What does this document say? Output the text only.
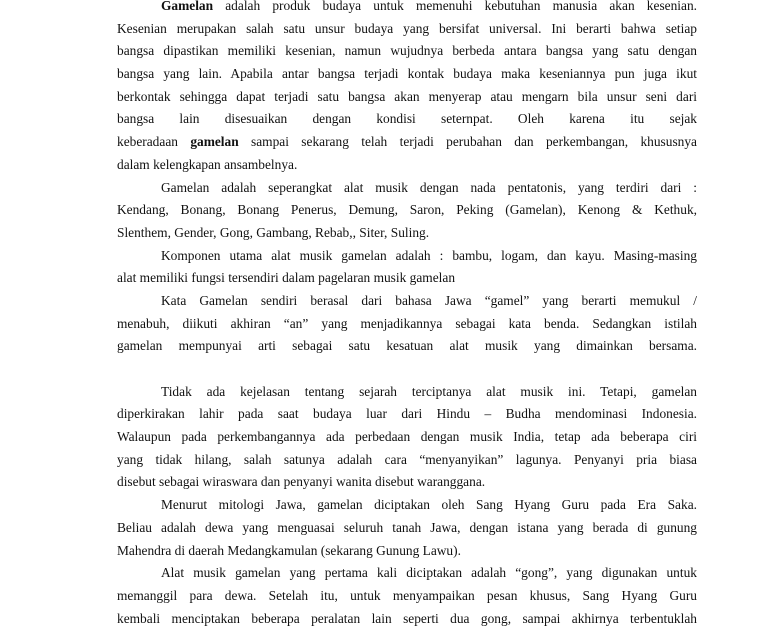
Gamelan adalah produk budaya untuk memenuhi kebutuhan manusia akan kesenian.
Kesenian merupakan salah satu unsur budaya yang bersifat universal. Ini berarti bahwa setiap
bangsa dipastikan memiliki kesenian, namun wujudnya berbeda antara bangsa yang satu dengan
bangsa yang lain. Apabila antar bangsa terjadi kontak budaya maka keseniannya pun juga ikut
berkontak sehingga dapat terjadi satu bangsa akan menyerap atau mengarn bila unsur seni dari
bangsa lain disesuaikan dengan kondisi seternpat. Oleh karena itu sejak
keberadaan gamelan sampai sekarang telah terjadi perubahan dan perkembangan, khususnya
dalam kelengkapan ansambelnya.
Gamelan adalah seperangkat alat musik dengan nada pentatonis, yang terdiri dari :
Kendang, Bonang, Bonang Penerus, Demung, Saron, Peking (Gamelan), Kenong & Kethuk,
Slenthem, Gender, Gong, Gambang, Rebab,, Siter, Suling.
Komponen utama alat musik gamelan adalah : bambu, logam, dan kayu. Masing-masing
alat memiliki fungsi tersendiri dalam pagelaran musik gamelan
Kata Gamelan sendiri berasal dari bahasa Jawa “gamel” yang berarti memukul /
menabuh, diikuti akhiran “an” yang menjadikannya sebagai kata benda. Sedangkan istilah
gamelan mempunyai arti sebagai satu kesatuan alat musik yang dimainkan bersama.
Tidak ada kejelasan tentang sejarah terciptanya alat musik ini. Tetapi, gamelan
diperkirakan lahir pada saat budaya luar dari Hindu – Budha mendominasi Indonesia.
Walaupun pada perkembangannya ada perbedaan dengan musik India, tetap ada beberapa ciri
yang tidak hilang, salah satunya adalah cara “menyanyikan” lagunya. Penyanyi pria biasa
disebut sebagai wiraswara dan penyanyi wanita disebut waranggana.
Menurut mitologi Jawa, gamelan diciptakan oleh Sang Hyang Guru pada Era Saka.
Beliau adalah dewa yang menguasai seluruh tanah Jawa, dengan istana yang berada di gunung
Mahendra di daerah Medangkamulan (sekarang Gunung Lawu).
Alat musik gamelan yang pertama kali diciptakan adalah “gong”, yang digunakan untuk
memanggil para dewa. Setelah itu, untuk menyampaikan pesan khusus, Sang Hyang Guru
kembali menciptakan beberapa peralatan lain seperti dua gong, sampai akhirnya terbentuklah
